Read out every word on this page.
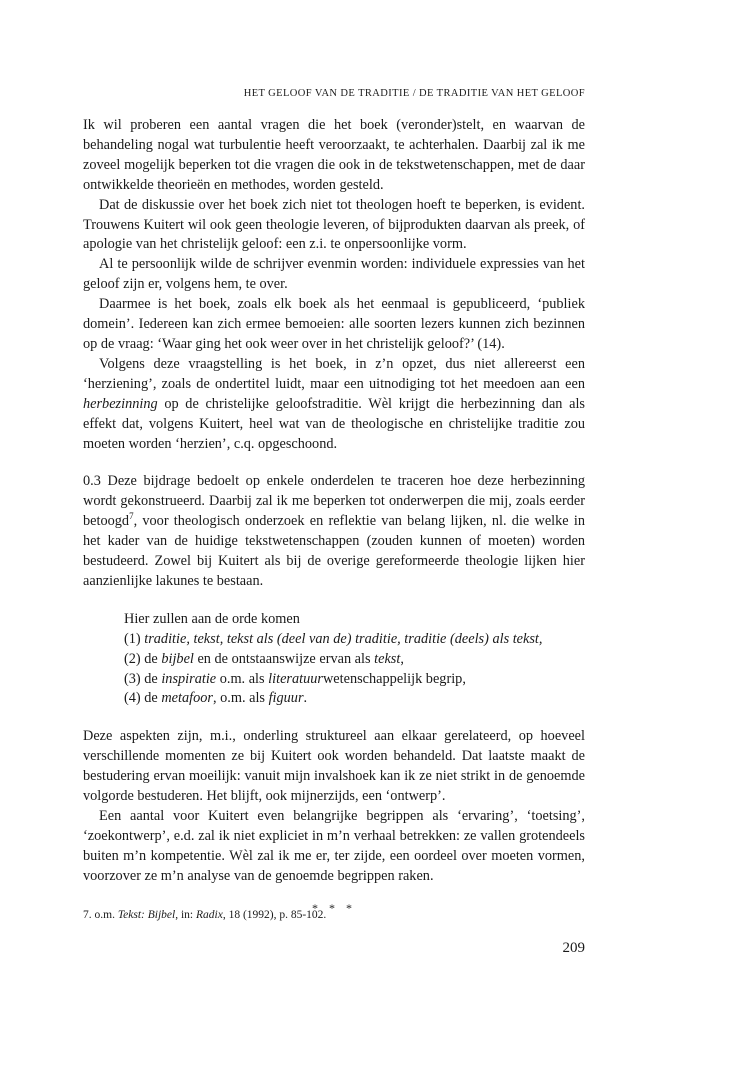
HET GELOOF VAN DE TRADITIE / DE TRADITIE VAN HET GELOOF

Ik wil proberen een aantal vragen die het boek (veronder)stelt, en waarvan de behandeling nogal wat turbulentie heeft veroorzaakt, te achterhalen. Daarbij zal ik me zoveel mogelijk beperken tot die vragen die ook in de tekstwetenschappen, met de daar ontwikkelde theorieën en methodes, worden gesteld.

Dat de diskussie over het boek zich niet tot theologen hoeft te beperken, is evident. Trouwens Kuitert wil ook geen theologie leveren, of bijprodukten daarvan als preek, of apologie van het christelijk geloof: een z.i. te onpersoonlijke vorm.

Al te persoonlijk wilde de schrijver evenmin worden: individuele expressies van het geloof zijn er, volgens hem, te over.

Daarmee is het boek, zoals elk boek als het eenmaal is gepubliceerd, ‘publiek domein’. Iedereen kan zich ermee bemoeien: alle soorten lezers kunnen zich bezinnen op de vraag: ‘Waar ging het ook weer over in het christelijk geloof?’ (14).

Volgens deze vraagstelling is het boek, in z’n opzet, dus niet allereerst een ‘herziening’, zoals de ondertitel luidt, maar een uitnodiging tot het meedoen aan een herbezinning op de christelijke geloofstraditie. Wèl krijgt die herbezinning dan als effekt dat, volgens Kuitert, heel wat van de theologische en christelijke traditie zou moeten worden ‘herzien’, c.q. opgeschoond.

0.3 Deze bijdrage bedoelt op enkele onderdelen te traceren hoe deze herbezinning wordt gekonstrueerd. Daarbij zal ik me beperken tot onderwerpen die mij, zoals eerder betoogd$^7$, voor theologisch onderzoek en reflektie van belang lijken, nl. die welke in het kader van de huidige tekstwetenschappen (zouden kunnen of moeten) worden bestudeerd. Zowel bij Kuitert als bij de overige gereformeerde theologie lijken hier aanzienlijke lakunes te bestaan.

Hier zullen aan de orde komen
(1) traditie, tekst, tekst als (deel van de) traditie, traditie (deels) als tekst,
(2) de bijbel en de ontstaanswijze ervan als tekst,
(3) de inspiratie o.m. als literatuurwetenschappelijk begrip,
(4) de metafoor, o.m. als figuur.

Deze aspekten zijn, m.i., onderling struktureel aan elkaar gerelateerd, op hoeveel verschillende momenten ze bij Kuitert ook worden behandeld. Dat laatste maakt de bestudering ervan moeilijk: vanuit mijn invalshoek kan ik ze niet strikt in de genoemde volgorde bestuderen. Het blijft, ook mijnerzijds, een ‘ontwerp’.

Een aantal voor Kuitert even belangrijke begrippen als ‘ervaring’, ‘toetsing’, ‘zoekontwerp’, e.d. zal ik niet expliciet in m’n verhaal betrekken: ze vallen grotendeels buiten m’n kompetentie. Wèl zal ik me er, ter zijde, een oordeel over moeten vormen, voorzover ze m’n analyse van de genoemde begrippen raken.

* * *
7. o.m. Tekst: Bijbel, in: Radix, 18 (1992), p. 85-102.
209
